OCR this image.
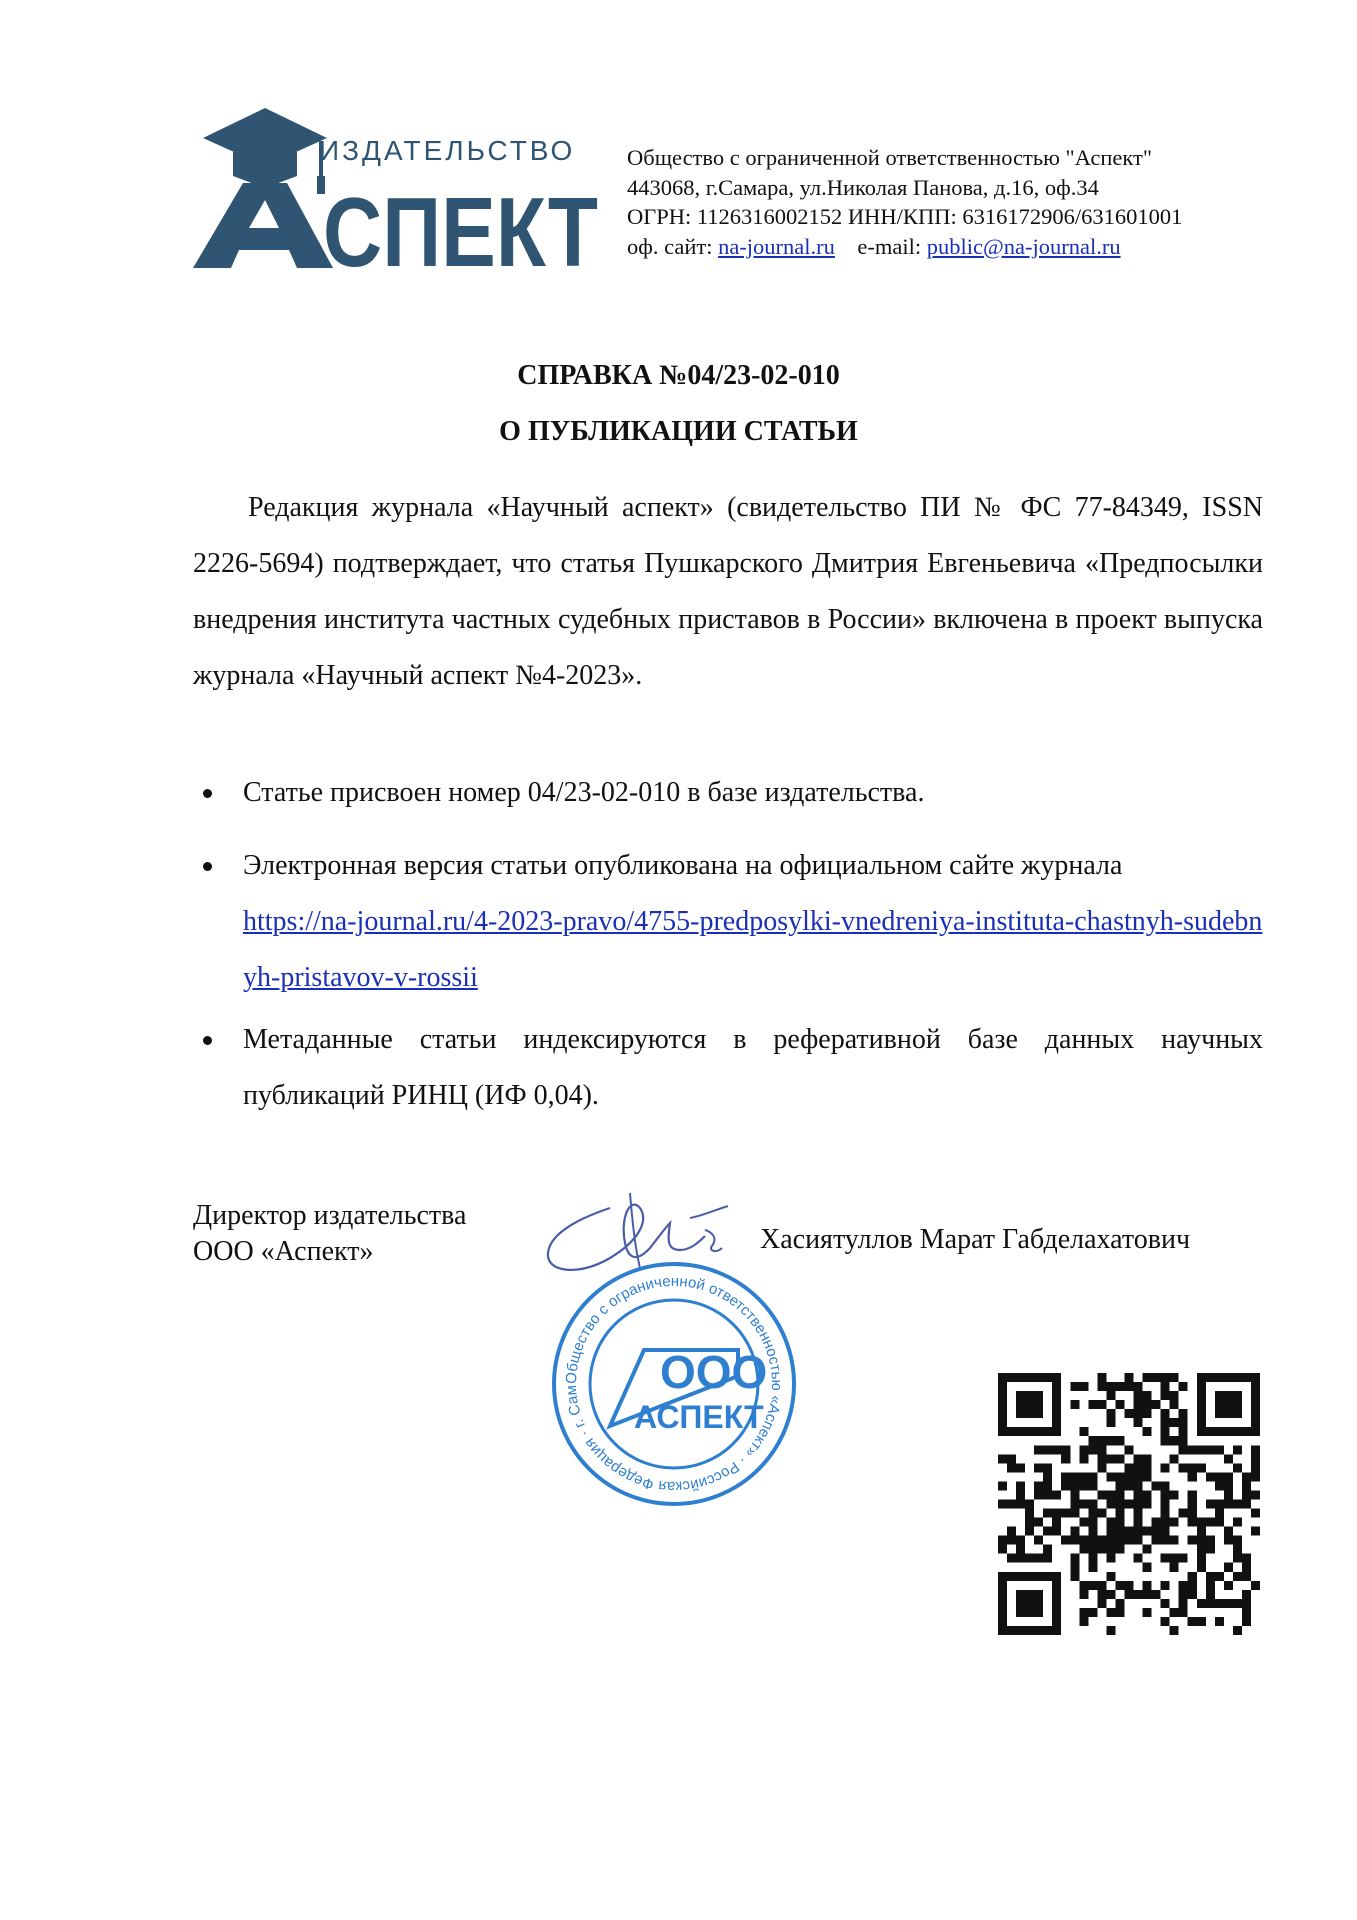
ИЗДАТЕЛЬСТВО
СПЕКТ
Общество с ограниченной ответственностью "Аспект"
443068, г.Самара, ул.Николая Панова, д.16, оф.34
ОГРН: 1126316002152 ИНН/КПП: 6316172906/631601001
оф. сайт: na-journal.ru e-mail: public@na-journal.ru
СПРАВКА №04/23-02-010
О ПУБЛИКАЦИИ СТАТЬИ
Редакция журнала «Научный аспект» (свидетельство ПИ № ФС 77-84349, ISSN 2226-5694) подтверждает, что статья Пушкарского Дмитрия Евгеньевича «Предпосылки внедрения института частных судебных приставов в России» включена в проект выпуска журнала «Научный аспект №4-2023».
Статье присвоен номер 04/23-02-010 в базе издательства.
Электронная версия статьи опубликована на официальном сайте журнала
https://na-journal.ru/4-2023-pravo/4755-predposylki-vnedreniya-instituta-chastnyh-sudebnyh-pristavov-v-rossii
Метаданные статьи индексируются в реферативной базе данных научных публикаций РИНЦ (ИФ 0,04).
Директор издательства
ООО «Аспект»	Хасиятуллов Марат Габделахатович
Общество с ограниченной ответственностью «Аспект» · Российская Федерация · г. Самара
ООО
АСПЕКТ
